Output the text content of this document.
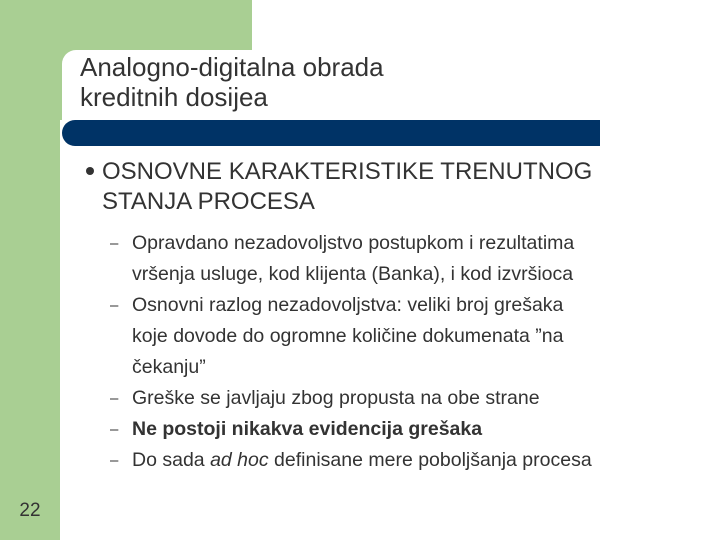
Analogno-digitalna obrada
kreditnih dosijea
OSNOVNE KARAKTERISTIKE TRENUTNOG
STANJA PROCESA
– Opravdano nezadovoljstvo postupkom i rezultatima
vršenja usluge, kod klijenta (Banka), i kod izvršioca
– Osnovni razlog nezadovoljstva: veliki broj grešaka
koje dovode do ogromne količine dokumenata ”na
čekanju”
– Greške se javljaju zbog propusta na obe strane
– Ne postoji nikakva evidencija grešaka
– Do sada ad hoc definisane mere poboljšanja procesa
22
